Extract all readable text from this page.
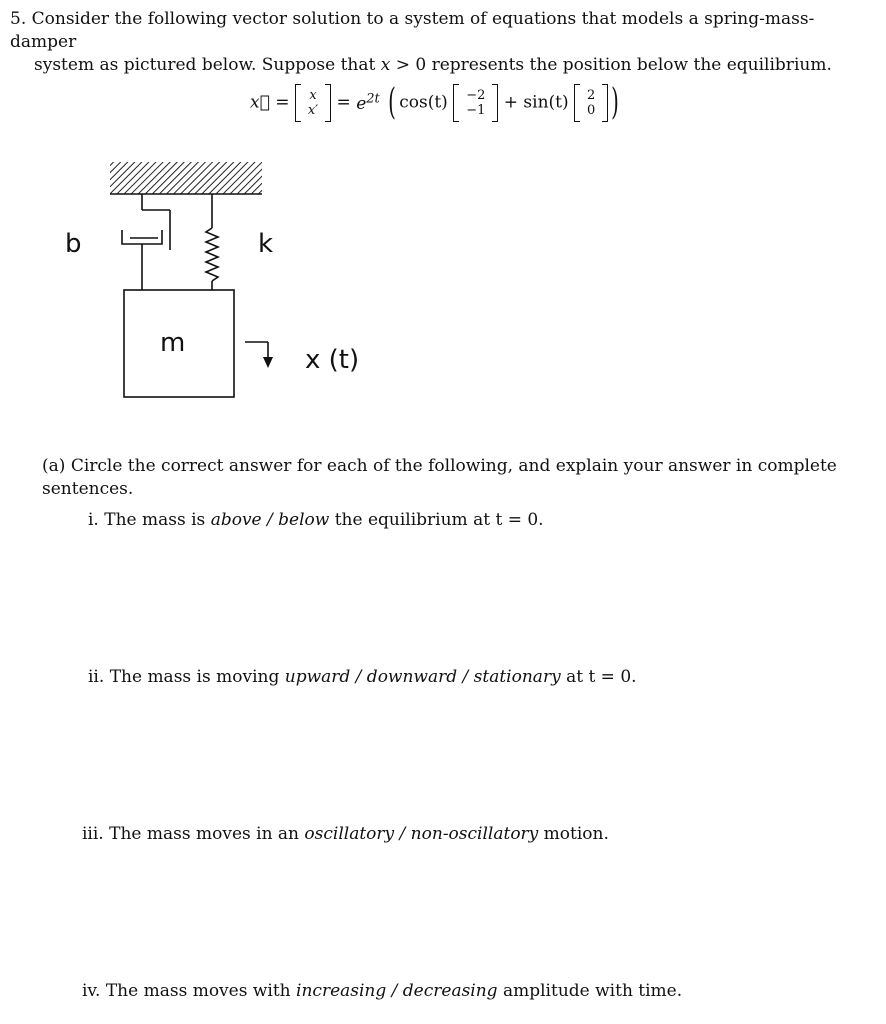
5. Consider the following vector solution to a system of equations that models a spring-mass-damper
system as pictured below. Suppose that x > 0 represents the position below the equilibrium.
x⃗ = x
$x' = e^{2t}$ ( cos(t) −2
−1 + sin(t) 2
0 )
b	k
m
x (t)
(a) Circle the correct answer for each of the following, and explain your answer in complete sentences.
i. The mass is above / below the equilibrium at t = 0.
ii. The mass is moving upward / downward / stationary at t = 0.
iii. The mass moves in an oscillatory / non-oscillatory motion.
iv. The mass moves with increasing / decreasing amplitude with time.
